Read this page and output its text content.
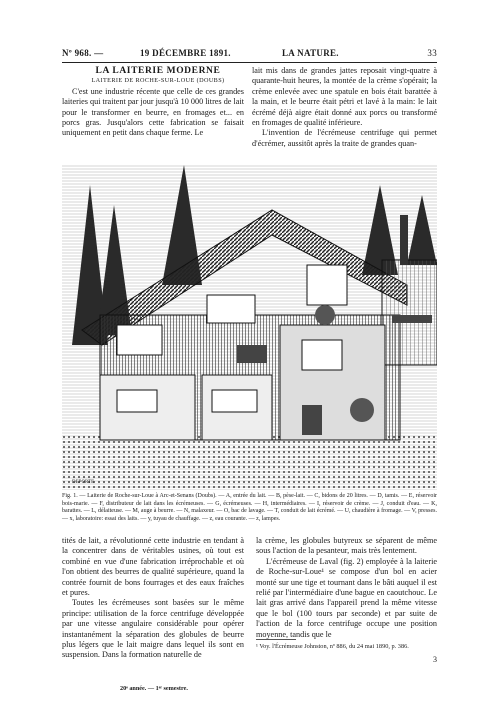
Nº 968. —	19 DÉCEMBRE 1891.	LA NATURE.	33

LA LAITERIE MODERNE

LAITERIE DE ROCHE-SUR-LOUE (DOUBS)

C'est une industrie récente que celle de ces grandes laiteries qui traitent par jour jusqu'à 10 000 litres de lait pour le transformer en beurre, en fromages et... en porcs gras. Jusqu'alors cette fabrication se faisait uniquement en petit dans chaque ferme. Le

lait mis dans de grandes jattes reposait vingt-quatre à quarante-huit heures, la montée de la crème s'opérait; la crème enlevée avec une spatule en bois était barattée à la main, et le beurre était pétri et lavé à la main: le lait écrémé déjà aigre était donné aux porcs ou transformé en fromages de qualité inférieure.

L'invention de l'écrémeuse centrifuge qui permet d'écrémer, aussitôt après la traite de grandes quan-

DEPORTE
Fig. 1. — Laiterie de Roche-sur-Loue à Arc-et-Senans (Doubs). — A, entrée du lait. — B, pèse-lait. — C, bidons de 20 litres. — D, tamis. — E, réservoir bois-marie. — F, distributeur de lait dans les écrémeuses. — G, écrémeuses. — H, intermédiaires. — I, réservoir de crème. — J, conduit d'eau. — K, barattes. — L, délaiteuse. — M, auge à beurre. — N, malaxeur. — O, bac de lavage. — T, conduit de lait écrémé. — U, chaudière à fromage. — V, presses. — x, laboratoire: essai des laits. — y, tuyau de chauffage. — z, eau courante. — z, lampes.

tités de lait, a révolutionné cette industrie en tendant à la concentrer dans de véritables usines, où tout est combiné en vue d'une fabrication irréprochable et où l'on obtient des beurres de qualité supérieure, quand la contrée fournit de bons fourrages et des eaux fraîches et pures.

Toutes les écrémeuses sont basées sur le même principe: utilisation de la force centrifuge développée par une vitesse angulaire considérable pour opérer instantanément la séparation des globules de beurre plus légers que le lait maigre dans lequel ils sont en suspension. Dans la formation naturelle de

la crème, les globules butyreux se séparent de même sous l'action de la pesanteur, mais très lentement.

L'écrémeuse de Laval (fig. 2) employée à la laiterie de Roche-sur-Loue¹ se compose d'un bol en acier monté sur une tige et tournant dans le bâti auquel il est relié par l'intermédiaire d'une bague en caoutchouc. Le lait gras arrivé dans l'appareil prend la même vitesse que le bol (100 tours par seconde) et par suite de l'action de la force centrifuge occupe une position moyenne, tandis que le

¹ Voy. l'Écrémeuse Johnston, nº 886, du 24 mai 1890, p. 386.
20ᵉ année. — 1ᵉʳ semestre.
3
